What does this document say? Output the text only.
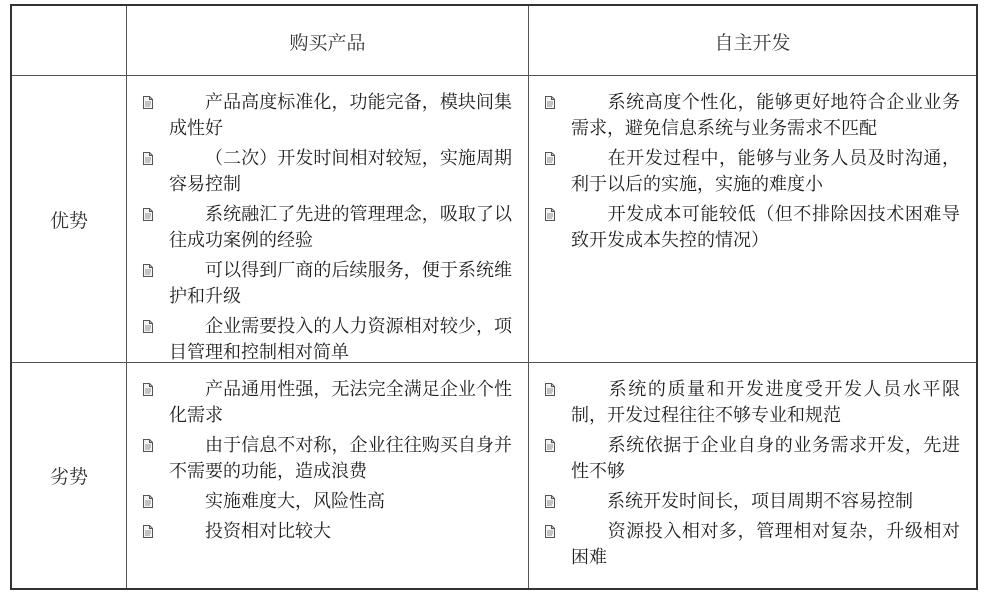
购买产品	自主开发
优势
产品高度标准化，功能完备，模块间集成性好
（二次）开发时间相对较短，实施周期容易控制
系统融汇了先进的管理理念，吸取了以往成功案例的经验
可以得到厂商的后续服务，便于系统维护和升级
企业需要投入的人力资源相对较少，项目管理和控制相对简单
系统高度个性化，能够更好地符合企业业务需求，避免信息系统与业务需求不匹配
在开发过程中，能够与业务人员及时沟通，利于以后的实施，实施的难度小
开发成本可能较低（但不排除因技术困难导致开发成本失控的情况）
劣势
产品通用性强，无法完全满足企业个性化需求
由于信息不对称，企业往往购买自身并不需要的功能，造成浪费
实施难度大，风险性高
投资相对比较大
系统的质量和开发进度受开发人员水平限制，开发过程往往不够专业和规范
系统依据于企业自身的业务需求开发，先进性不够
系统开发时间长，项目周期不容易控制
资源投入相对多，管理相对复杂，升级相对困难
